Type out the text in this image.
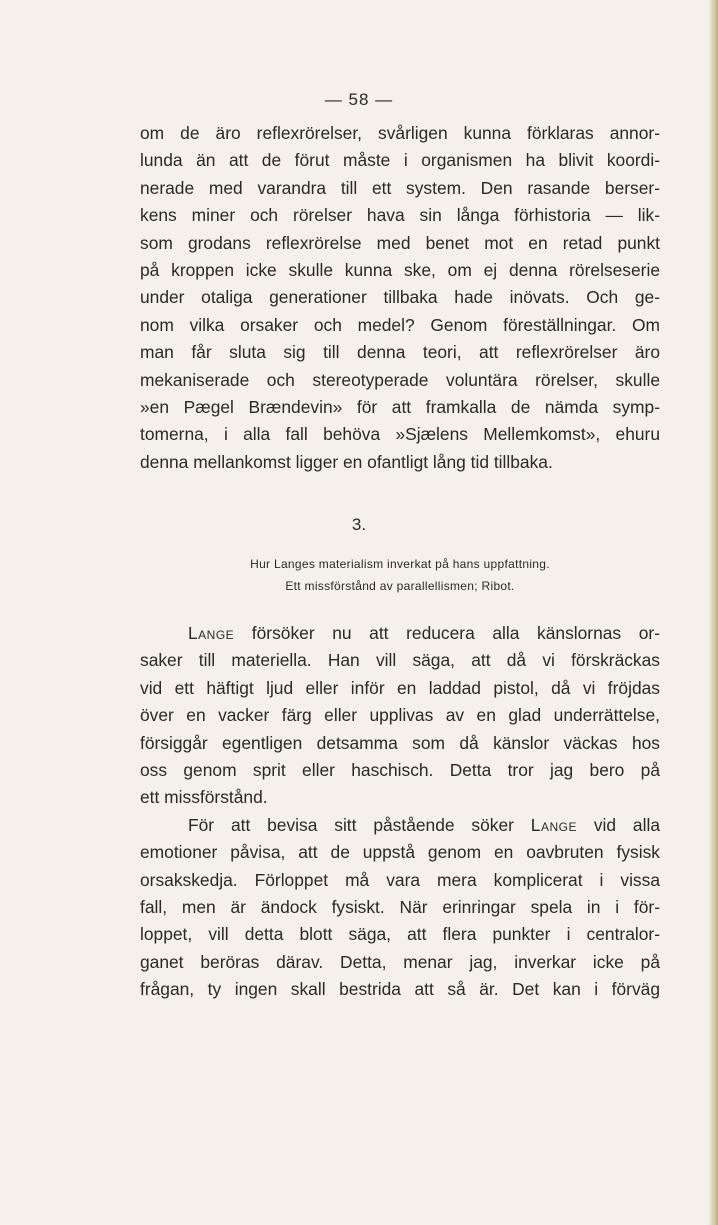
— 58 —
om de äro reflexrörelser, svårligen kunna förklaras annor-
lunda än att de förut måste i organismen ha blivit koordi-
nerade med varandra till ett system. Den rasande berser-
kens miner och rörelser hava sin långa förhistoria — lik-
som grodans reflexrörelse med benet mot en retad punkt
på kroppen icke skulle kunna ske, om ej denna rörelseserie
under otaliga generationer tillbaka hade inövats. Och ge-
nom vilka orsaker och medel? Genom föreställningar. Om
man får sluta sig till denna teori, att reflexrörelser äro
mekaniserade och stereotyperade voluntära rörelser, skulle
»en Pægel Brændevin» för att framkalla de nämda symp-
tomerna, i alla fall behöva »Sjælens Mellemkomst», ehuru
denna mellankomst ligger en ofantligt lång tid tillbaka.
3.
Hur Langes materialism inverkat på hans uppfattning.
Ett missförstånd av parallellismen; Ribot.
Lange försöker nu att reducera alla känslornas or-
saker till materiella. Han vill säga, att då vi förskräckas
vid ett häftigt ljud eller inför en laddad pistol, då vi fröjdas
över en vacker färg eller upplivas av en glad underrättelse,
försiggår egentligen detsamma som då känslor väckas hos
oss genom sprit eller haschisch. Detta tror jag bero på
ett missförstånd.
För att bevisa sitt påstående söker Lange vid alla
emotioner påvisa, att de uppstå genom en oavbruten fysisk
orsakskedja. Förloppet må vara mera komplicerat i vissa
fall, men är ändock fysiskt. När erinringar spela in i för-
loppet, vill detta blott säga, att flera punkter i centralor-
ganet beröras därav. Detta, menar jag, inverkar icke på
frågan, ty ingen skall bestrida att så är. Det kan i förväg
